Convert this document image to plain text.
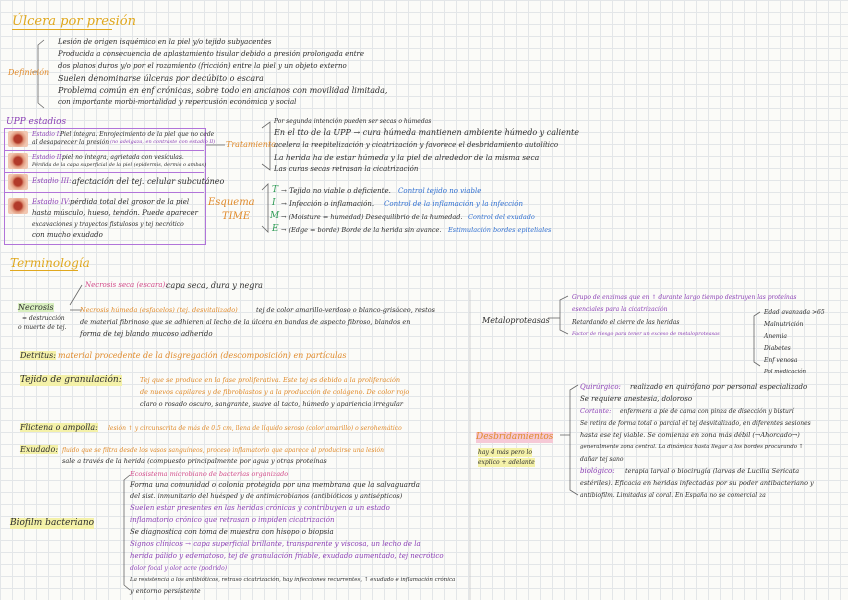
Úlcera por presión
Definición
Lesión de origen isquémico en la piel y/o tejido subyacentes
Producida a consecuencia de aplastamiento tisular debido a presión prolongada entre
dos planos duros y/o por el rozamiento (fricción) entre la piel y un objeto externo
Suelen denominarse úlceras por decúbito o escara
Problema común en enf crónicas, sobre todo en ancianos con movilidad limitada,
con importante morbi-mortalidad y repercusión económica y social
UPP estadios
Estadio I:
Piel íntegra. Enrojecimiento de la piel que no cede
al desaparecer la presión (no adelgaza, en contraste con estadio II)
Estadio II:
piel no íntegra, agrietada con vesículas.
Pérdida de la capa superficial de la piel (epidermis, dermis o ambas)
Estadio III: afectación del tej. celular subcutáneo
Estadio IV: pérdida total del grosor de la piel
hasta músculo, hueso, tendón. Puede aparecer
excavaciones y trayectos fistulosos y tej necrótico
con mucho exudado
Tratamiento
Por segunda intención pueden ser secas o húmedas
En el tto de la UPP → cura húmeda mantienen ambiente húmedo y caliente
acelera la reepitelización y cicatrización y favorece el desbridamiento autolítico
La herida ha de estar húmeda y la piel de alrededor de la misma seca
Las curas secas retrasan la cicatrización
Esquema
TIME
T → Tejido no viable o deficiente. Control tejido no viable
I → Infección o inflamación. Control de la inflamación y la infección
M → (Moisture = humedad) Desequilibrio de la humedad. Control del exudado
E → (Edge = borde) Borde de la herida sin avance. Estimulación bordes epiteliales
Terminología
Necrosis
= destrucción
o muerte de tej.
Necrosis seca (escara):
capa seca, dura y negra
Necrosis húmeda (esfacelos) (tej. desvitalizado)	tej de color amarillo-verdoso o blanco-grisáceo, restos
de material fibrinoso que se adhieren al lecho de la úlcera en bandas de aspecto fibroso, blandos en
forma de tej blando mucoso adherido
Detritus: material procedente de la disgregación (descomposición) en partículas
Tejido de granulación:	Tej que se produce en la fase proliferativa. Este tej es debido a la proliferación
de nuevos capilares y de fibroblastos y a la producción de colágeno. De color rojo
claro o rosado oscuro, sangrante, suave al tacto, húmedo y apariencia irregular
Flictena o ampolla: lesión ↑ y circunscrita de más de 0.5 cm, llena de líquido seroso (color amarillo) o serohemático
Exudado: fluido que se filtra desde los vasos sanguíneos, proceso inflamatorio que aparece al producirse una lesión
sale a través de la herida (compuesto principalmente por agua y otras proteínas
Biofilm bacteriano
Ecosistema microbiano de bacterias organizado
Forma una comunidad o colonia protegida por una membrana que la salvaguarda
del sist. inmunitario del huésped y de antimicrobianos (antibióticos y antisépticos)
Suelen estar presentes en las heridas crónicas y contribuyen a un estado
inflamatorio crónico que retrasan o impiden cicatrización
Se diagnostica con toma de muestra con hisopo o biopsia
Signos clínicos → capa superficial brillante, transparente y viscosa, un lecho de la
herida pálido y edematoso, tej de granulación friable, exudado aumentado, tej necrótico
dolor focal y olor acre (podrido)
La resistencia a los antibióticos, retraso cicatrización, hay infecciones recurrentes, ↑ exudado e inflamación crónica
y entorno persistente
Metaloproteasas
Grupo de enzimas que en ↑ durante largo tiempo destruyen las proteínas
esenciales para la cicatrización
Retardando el cierre de las heridas
Factor de riesgo para tener un exceso de metaloproteasas
Edad avanzada >65
Malnutrición
Anemia
Diabetes
Enf venosa
Pol medicación
Desbridamientos
hay 4 más pero lo
explico + adelante
Quirúrgico: realizado en quirófano por personal especializado
Se requiere anestesia, doloroso
Cortante: enfermera a pie de cama con pinza de disección y bisturí
Se retira de forma total o parcial el tej desvitalizado, en diferentes sesiones
hasta ese tej viable. Se comienza en zona más débil (→Ahorcado→)
generalmente zona central. La dinámica hasta llegar a los bordes procurando ↑
dañar tej sano
biológico: terapia larval o biocirugía (larvas de Lucilia Sericata
estériles). Eficacia en heridas infectadas por su poder antibacteriano y
antibiofilm. Limitadas al coral. En España no se comercial za
